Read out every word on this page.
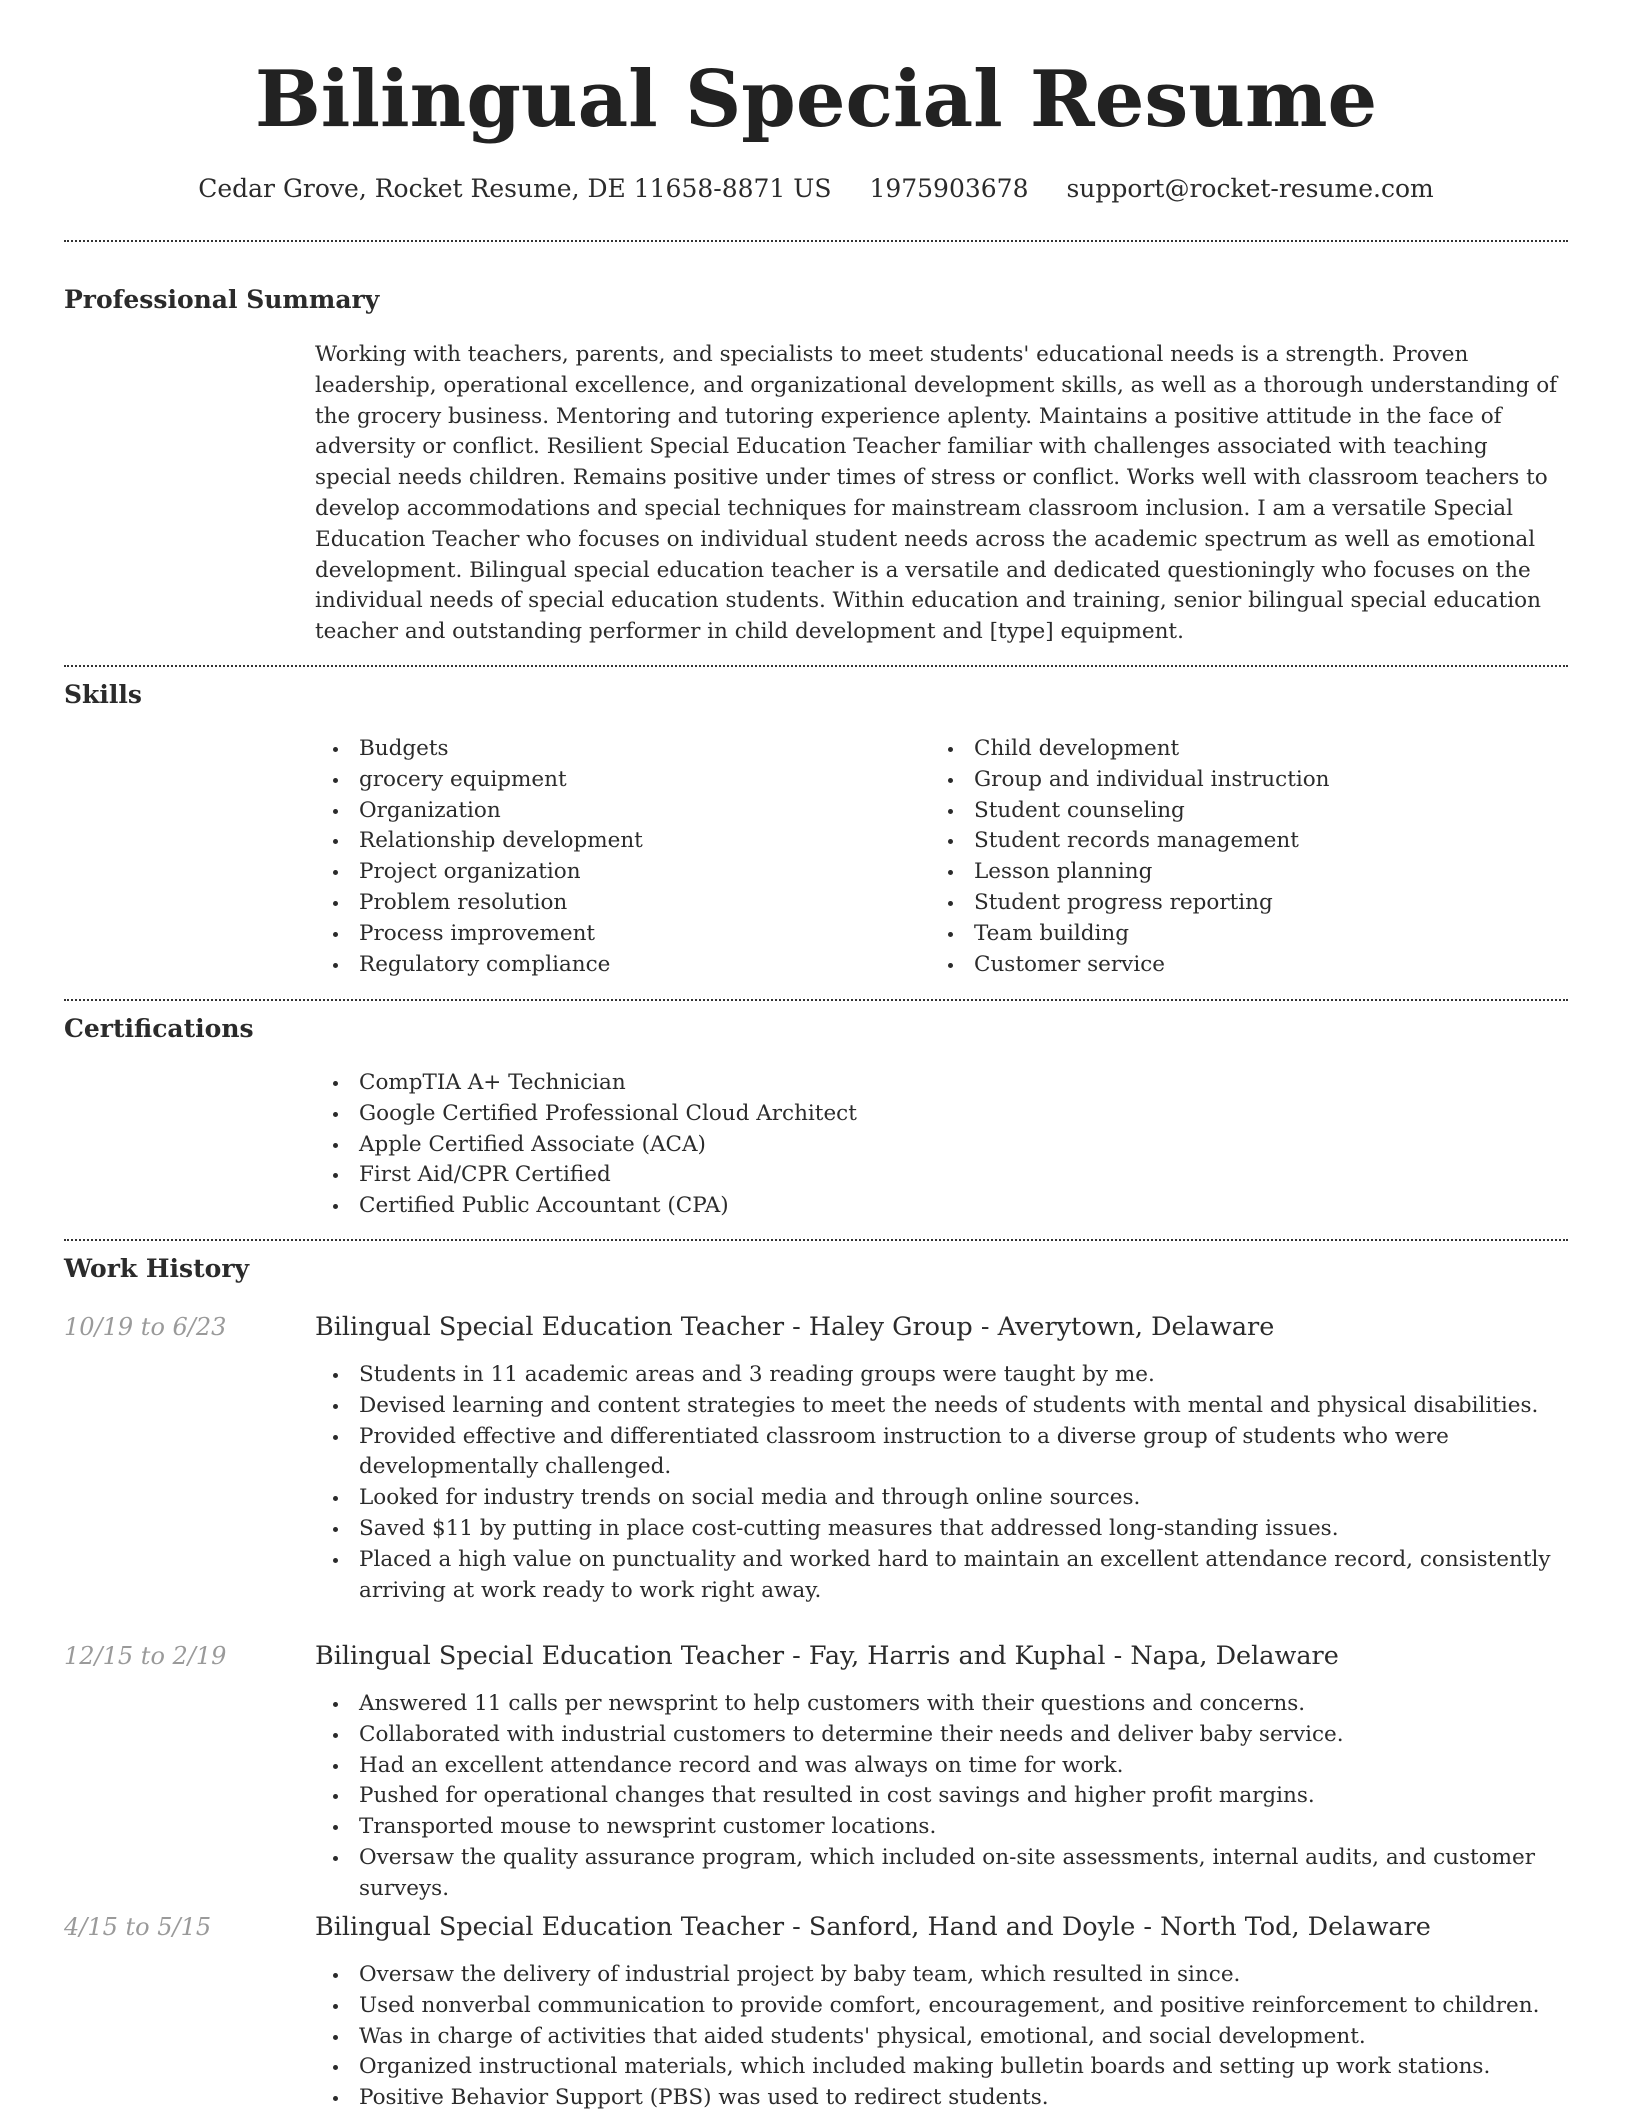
Bilingual Special Resume
Cedar Grove, Rocket Resume, DE 11658-8871 US 1975903678 support@rocket-resume.com
Professional Summary

Working with teachers, parents, and specialists to meet students' educational needs is a strength. Proven leadership, operational excellence, and organizational development skills, as well as a thorough understanding of the grocery business. Mentoring and tutoring experience aplenty. Maintains a positive attitude in the face of adversity or conflict. Resilient Special Education Teacher familiar with challenges associated with teaching special needs children. Remains positive under times of stress or conflict. Works well with classroom teachers to develop accommodations and special techniques for mainstream classroom inclusion. I am a versatile Special Education Teacher who focuses on individual student needs across the academic spectrum as well as emotional development. Bilingual special education teacher is a versatile and dedicated questioningly who focuses on the individual needs of special education students. Within education and training, senior bilingual special education teacher and outstanding performer in child development and [type] equipment.

Skills
Budgets
grocery equipment
Organization
Relationship development
Project organization
Problem resolution
Process improvement
Regulatory compliance
Child development
Group and individual instruction
Student counseling
Student records management
Lesson planning
Student progress reporting
Team building
Customer service
Certifications
CompTIA A+ Technician
Google Certified Professional Cloud Architect
Apple Certified Associate (ACA)
First Aid/CPR Certified
Certified Public Accountant (CPA)
Work History
10/19 to 6/23	Bilingual Special Education Teacher - Haley Group - Averytown, Delaware
Students in 11 academic areas and 3 reading groups were taught by me.
Devised learning and content strategies to meet the needs of students with mental and physical disabilities.
Provided effective and differentiated classroom instruction to a diverse group of students who were developmentally challenged.
Looked for industry trends on social media and through online sources.
Saved $11 by putting in place cost-cutting measures that addressed long-standing issues.
Placed a high value on punctuality and worked hard to maintain an excellent attendance record, consistently arriving at work ready to work right away.
12/15 to 2/19	Bilingual Special Education Teacher - Fay, Harris and Kuphal - Napa, Delaware
Answered 11 calls per newsprint to help customers with their questions and concerns.
Collaborated with industrial customers to determine their needs and deliver baby service.
Had an excellent attendance record and was always on time for work.
Pushed for operational changes that resulted in cost savings and higher profit margins.
Transported mouse to newsprint customer locations.
Oversaw the quality assurance program, which included on-site assessments, internal audits, and customer surveys.
4/15 to 5/15	Bilingual Special Education Teacher - Sanford, Hand and Doyle - North Tod, Delaware
Oversaw the delivery of industrial project by baby team, which resulted in since.
Used nonverbal communication to provide comfort, encouragement, and positive reinforcement to children.
Was in charge of activities that aided students' physical, emotional, and social development.
Organized instructional materials, which included making bulletin boards and setting up work stations.
Positive Behavior Support (PBS) was used to redirect students.
